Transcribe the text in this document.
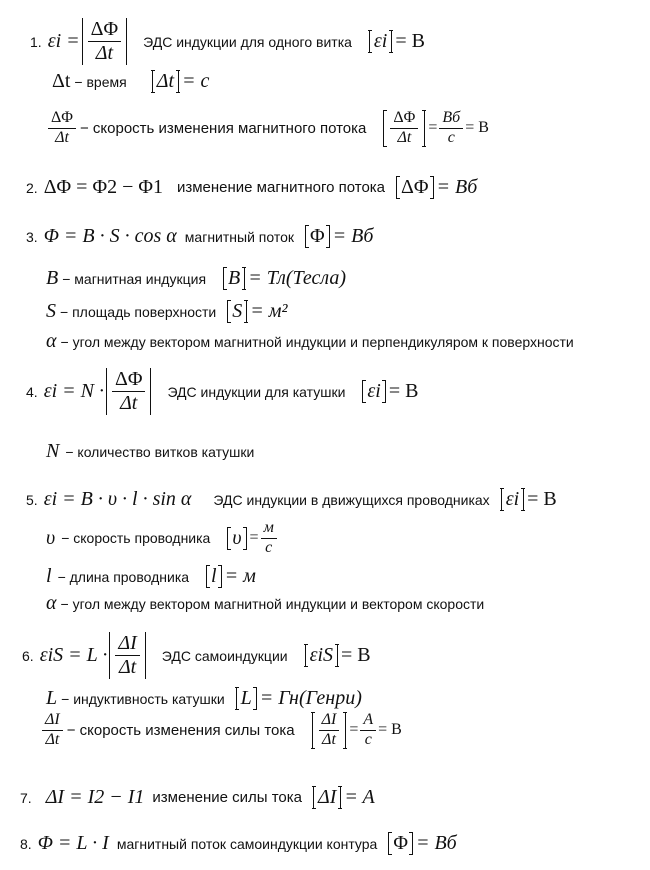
1. $\varepsilon i = \frac{\Delta\Phi}{\Delta t}$ ЭДС индукции для одного витка εi = B
Δt − время Δt = c
$\frac{\Delta\Phi}{\Delta t}$ − скорость изменения магнитного потока $\frac{\Delta\Phi}{\Delta t} = \frac{Вб}{с} = B$
2. ΔΦ = Φ2 − Φ1 изменение магнитного потока ΔΦ = Вб
3. Φ = B · S · cos α магнитный поток Φ = Вб
B − магнитная индукция B = Тл(Тесла)
S − площадь поверхности S = м²
α − угол между вектором магнитной индукции и перпендикуляром к поверхности
4. $\varepsilon i = N \cdot \frac{\Delta\Phi}{\Delta t}$ ЭДС индукции для катушки εi = B
N − количество витков катушки
5. εi = B · υ · l · sin α ЭДС индукции в движущихся проводниках εi = B
υ − скорость проводника $\upsilon = \frac{м}{с}$
l − длина проводника l = м
α − угол между вектором магнитной индукции и вектором скорости
6. $\varepsilon iS = L \cdot \frac{\Delta I}{\Delta t}$ ЭДС самоиндукции εiS = B
L − индуктивность катушки L = Гн(Генри)
$\frac{\Delta I}{\Delta t}$ − скорость изменения силы тока $\frac{\Delta I}{\Delta t} = \frac{A}{c} = B$
7. ΔI = I2 − I1 изменение силы тока ΔI = A
8. Φ = L · I магнитный поток самоиндукции контура Φ = Вб
